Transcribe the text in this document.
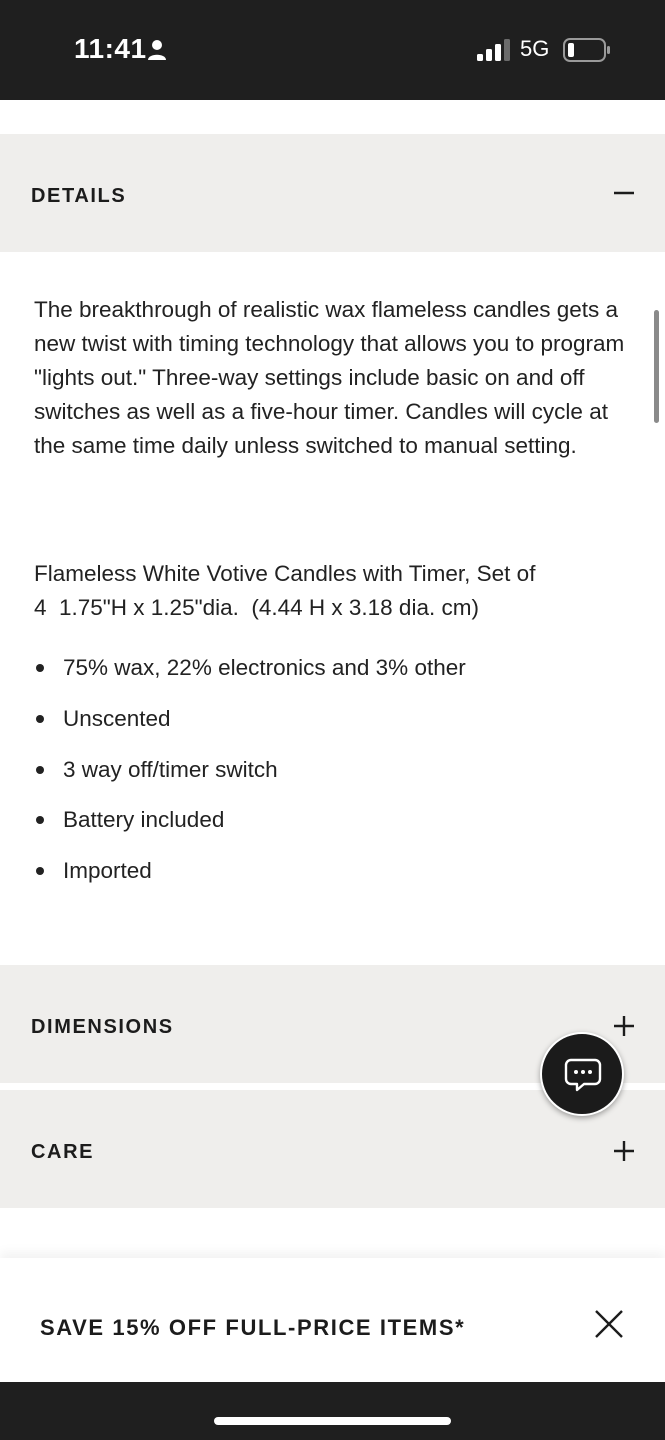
11:41	5G
DETAILS

The breakthrough of realistic wax flameless candles gets a new twist with timing technology that allows you to program "lights out." Three-way settings include basic on and off switches as well as a five-hour timer. Candles will cycle at the same time daily unless switched to manual setting.

Flameless White Votive Candles with Timer, Set of
4  1.75"H x 1.25"dia.  (4.44 H x 3.18 dia. cm)
75% wax, 22% electronics and 3% other
Unscented
3 way off/timer switch
Battery included
Imported
DIMENSIONS
CARE
SAVE 15% OFF FULL-PRICE ITEMS*
